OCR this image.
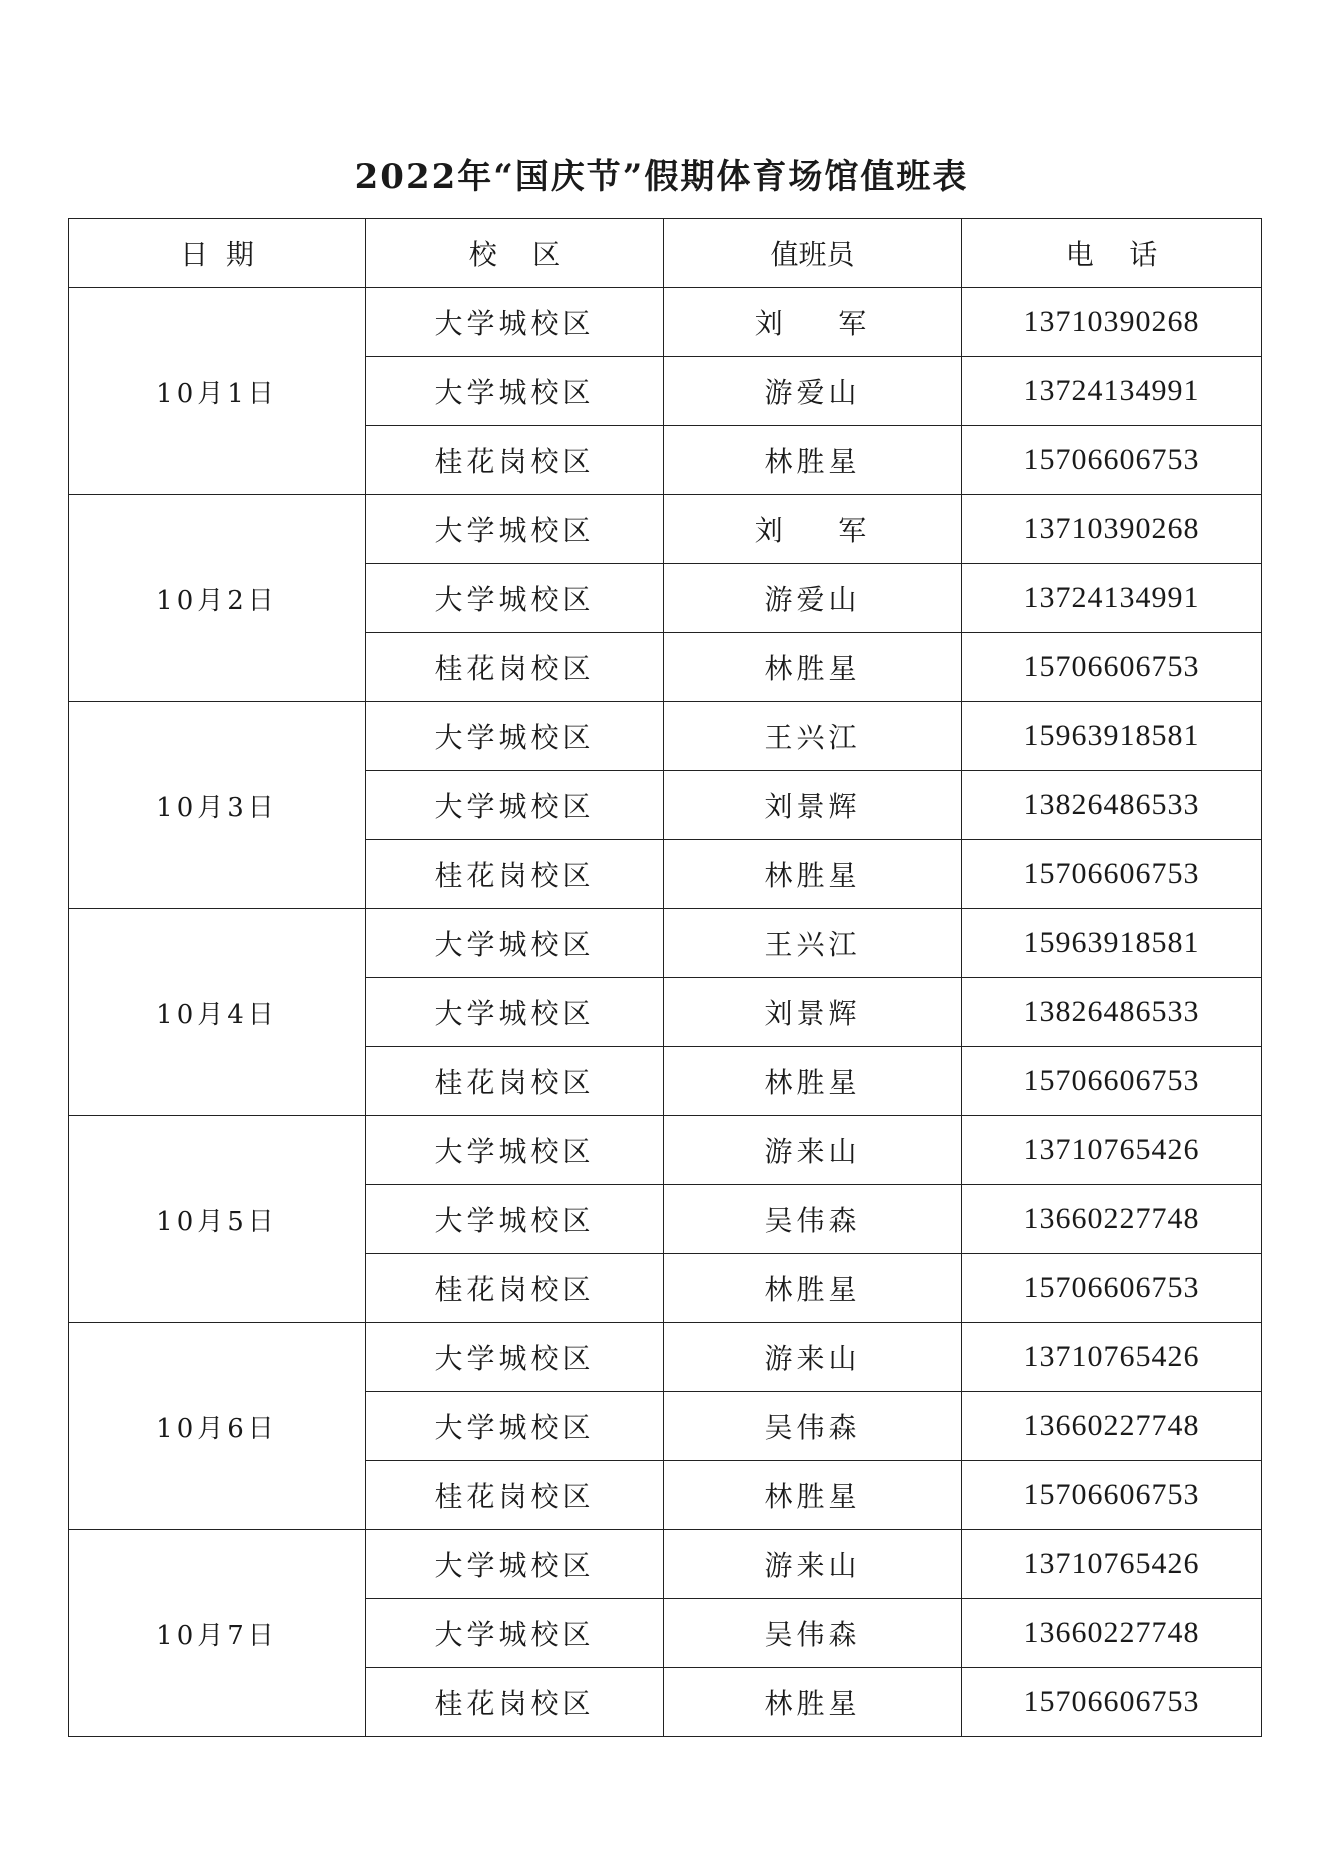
2022年“国庆节”假期体育场馆值班表
日  期	校    区	值班员	电    话
10月1日	大学城校区	刘    军	13710390268
	大学城校区	游爱山	13724134991
	桂花岗校区	林胜星	15706606753
10月2日	大学城校区	刘    军	13710390268
	大学城校区	游爱山	13724134991
	桂花岗校区	林胜星	15706606753
10月3日	大学城校区	王兴江	15963918581
	大学城校区	刘景辉	13826486533
	桂花岗校区	林胜星	15706606753
10月4日	大学城校区	王兴江	15963918581
	大学城校区	刘景辉	13826486533
	桂花岗校区	林胜星	15706606753
10月5日	大学城校区	游来山	13710765426
	大学城校区	吴伟森	13660227748
	桂花岗校区	林胜星	15706606753
10月6日	大学城校区	游来山	13710765426
	大学城校区	吴伟森	13660227748
	桂花岗校区	林胜星	15706606753
10月7日	大学城校区	游来山	13710765426
	大学城校区	吴伟森	13660227748
	桂花岗校区	林胜星	15706606753
